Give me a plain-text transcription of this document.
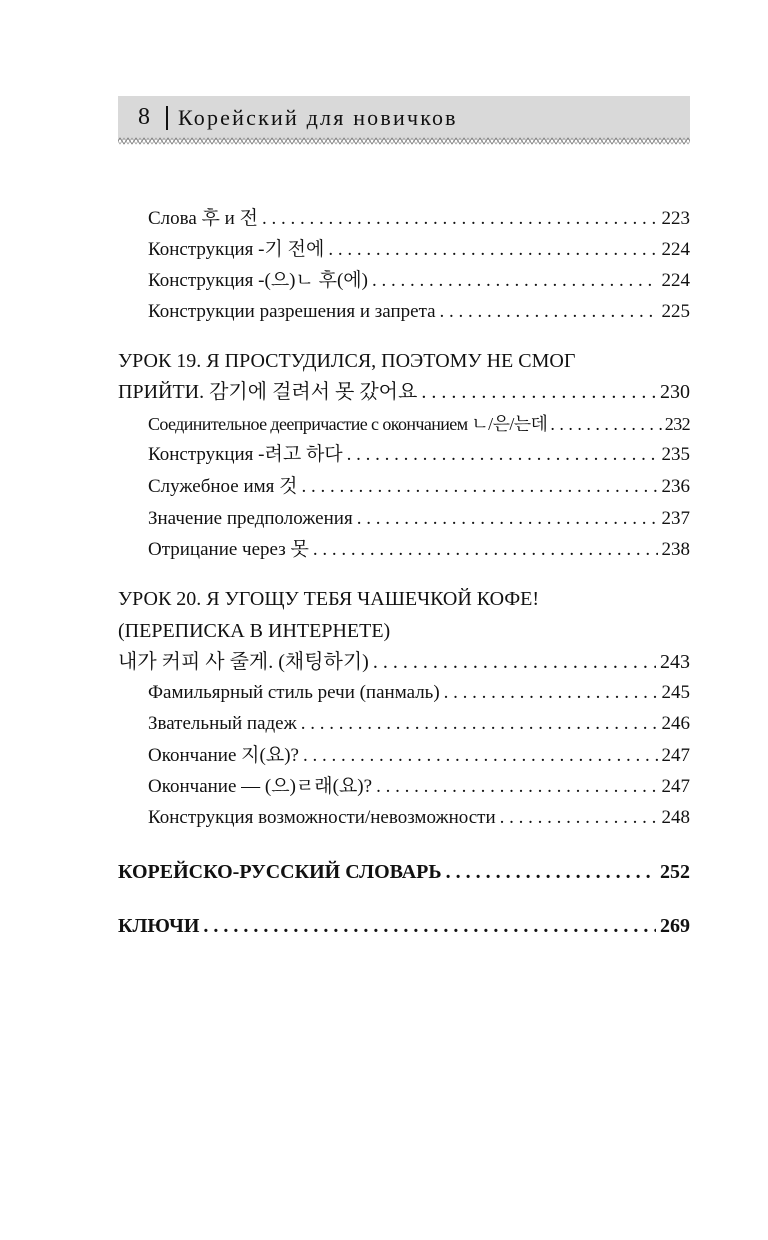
8 Корейский для новичков
Слова 후 и 전 . . .	223
Конструкция -기 전에 . . .	224
Конструкция -(으)ㄴ 후(에) . . .	224
Конструкции разрешения и запрета . . .	225
УРОК 19. Я ПРОСТУДИЛСЯ, ПОЭТОМУ НЕ СМОГ
ПРИЙТИ. 감기에 걸려서 못 갔어요 . . .	230
Соединительное деепричастие с окончанием ㄴ/은/는데 . . .	232
Конструкция -려고 하다 . . .	235
Служебное имя 것 . . .	236
Значение предположения . . .	237
Отрицание через 못 . . .	238
УРОК 20. Я УГОЩУ ТЕБЯ ЧАШЕЧКОЙ КОФЕ!
(ПЕРЕПИСКА В ИНТЕРНЕТЕ)
내가 커피 사 줄게. (채팅하기) . . .	243
Фамильярный стиль речи (панмаль) . . .	245
Звательный падеж . . .	246
Окончание 지(요)? . . .	247
Окончание — (으)ㄹ래(요)? . . .	247
Конструкция возможности/невозможности . . .	248
КОРЕЙСКО-РУССКИЙ СЛОВАРЬ . . .	252
КЛЮЧИ . . .	269
